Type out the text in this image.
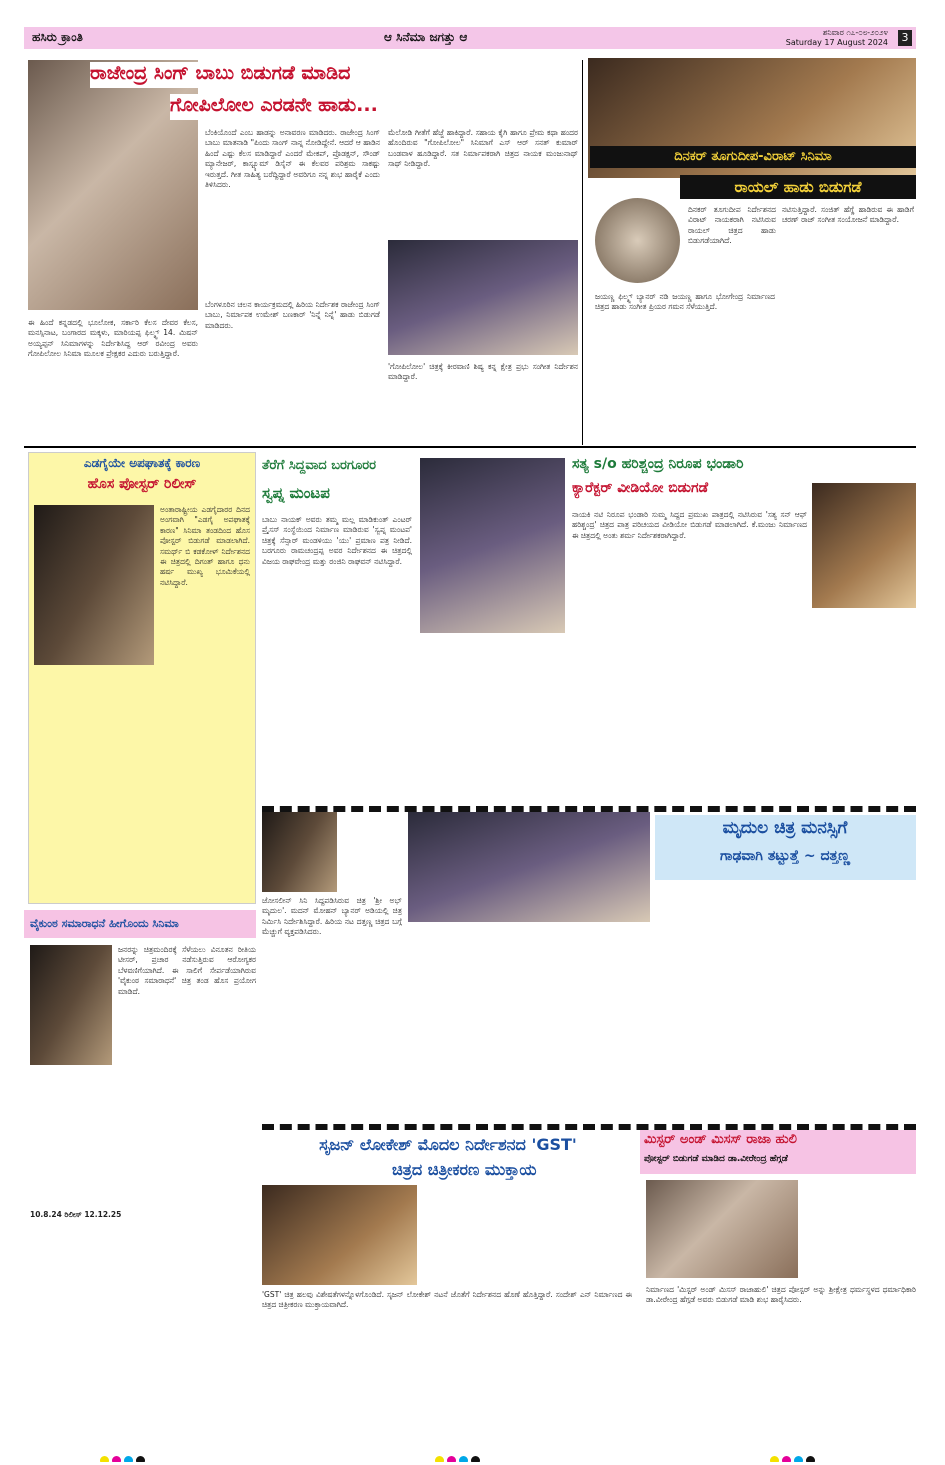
ಹಸಿರು ಕ್ರಾಂತಿ	ಆ ಸಿನೆಮಾ ಜಗತ್ತು ಆ	ಶನಿವಾರ ೧೭-೦೮-೨೦೨೪
Saturday 17 August 2024	3
ರಾಜೇಂದ್ರ ಸಿಂಗ್ ಬಾಬು ಬಿಡುಗಡೆ ಮಾಡಿದ
ಗೋಪಿಲೋಲ ಎರಡನೇ ಹಾಡು...
ಬೆಂಕಿಯೊಂದೆ ಎಂಬ ಹಾಡನ್ನು ಅನಾವರಣ ಮಾಡಿದರು. ರಾಜೇಂದ್ರ ಸಿಂಗ್ ಬಾಬು ಮಾತನಾಡಿ "ಪಿಂದು ಸಾಂಗ್ ನಾನ್ನ ನೋಡಿದ್ದೇನೆ. ಆದರೆ ಆ ಹಾಡಿನ ಹಿಂದೆ ಎಷ್ಟು ಕೆಲಸ ಮಾಡಿದ್ದಾರೆ ಎಂದರೆ ಮೇಕಪ್, ಪ್ರೊಡಕ್ಷನ್, ಸೌಂಡ್ ಮ್ಯಾನೇಜರ್, ಕಾಸ್ಟ್ಯೂಮ್ ಡಿಸೈನ್ ಈ ಕೆಲವರ ಪರಿಶ್ರಮ ಸಾಕಷ್ಟು ಇರುತ್ತದೆ. ಗೀತ ಸಾಹಿತ್ಯ ಬರೆದ್ದಿದ್ದಾರೆ ಅವರಿಗೂ ನನ್ನ ಶುಭ ಹಾರೈಕೆ ಎಂದು ತಿಳಿಸಿದರು.
ಮೆಲೋಡಿ ಗೀತೆಗೆ ಹೆಜ್ಜೆ ಹಾಕಿದ್ದಾರೆ. ಸಹಾಯ ಕೈಗಿ ಹಾಗೂ ಪ್ರೇಮ ಕಥಾ ಹಂದರ ಹೊಂದಿರುವ "ಗೋಪಿಲೋಲ" ಸಿನಿಮಾಗೆ ಎಸ್ ಆರ್ ಸನತ್ ಕುಮಾರ್ ಬಂಡವಾಳ ಹೂಡಿದ್ದಾರೆ. ಸತ ನಿರ್ಮಾಪಕರಾಗಿ ಚಿತ್ರದ ನಾಯಕ ಮಂಜುನಾಥ್ ಸಾಥ್ ನೀಡಿದ್ದಾರೆ.
ಈ ಹಿಂದೆ ಕನ್ನಡದಲ್ಲಿ ಭೂಲೋಕ, ಸರ್ಕಾರಿ ಕೆಲಸ ದೇವರ ಕೆಲಸ, ಮನಸ್ಸಿನಾಟ, ಬಂಗಾರದ ಮಕ್ಕಳು, ಮಾರಿಯಪ್ಪ ಫಿಲ್ಮ್ಸ್ 14. ಮಿಷನ್ ಅಯ್ಯಪ್ಪನ್ ಸಿನಿಮಾಗಳನ್ನು ನಿರ್ದೇಶಿಸಿದ್ದ ಆರ್ ರವೀಂದ್ರ ಅವರು ಗೋಪಿಲೋಲ ಸಿನಿಮಾ ಮೂಲಕ ಪ್ರೇಕ್ಷಕರ ಎದುರು ಬರುತ್ತಿದ್ದಾರೆ.
ಬೆಂಗಳೂರಿನ ಚಲನ ಕಾರ್ಯಕ್ರಮದಲ್ಲಿ ಹಿರಿಯ ನಿರ್ದೇಶಕ ರಾಜೇಂದ್ರ ಸಿಂಗ್ ಬಾಬು, ನಿರ್ಮಾಪಕ ಉಮೇಶ್ ಬಣಕಾರ್ 'ನಿನ್ನೆ ನಿನ್ನೆ' ಹಾಡು ಬಿಡುಗಡೆ ಮಾಡಿದರು.
'ಗೋಪಿಲೋಲ' ಚಿತ್ರಕ್ಕೆ ಕೀರವಾಣಿ ಶಿಷ್ಯ ಕನ್ನ ಕ್ಷೇತ್ರ ಪ್ರಭು ಸಂಗೀತ ನಿರ್ದೇಶನ ಮಾಡಿದ್ದಾರೆ.
ದಿನಕರ್ ತೂಗುದೀಪ-ವಿರಾಟ್ ಸಿನಿಮಾ
ರಾಯಲ್ ಹಾಡು ಬಿಡುಗಡೆ
ದಿನಕರ್ ತೂಗುದೀಪ ನಿರ್ದೇಶನದ ವಿರಾಟ್ ನಾಯಕರಾಗಿ ನಟಿಸಿರುವ ರಾಯಲ್ ಚಿತ್ರದ ಹಾಡು ಬಿಡುಗಡೆಯಾಗಿದೆ.
ಜಯಣ್ಣ ಫಿಲ್ಮ್ಸ್ ಬ್ಯಾನರ್ ನಡಿ ಜಯಣ್ಣ ಹಾಗೂ ಭೋಗೇಂದ್ರ ನಿರ್ಮಾಣದ ಚಿತ್ರದ ಹಾಡು ಸಂಗೀತ ಪ್ರಿಯರ ಗಮನ ಸೆಳೆಯುತ್ತಿದೆ.
ನಟಿಸುತ್ತಿದ್ದಾರೆ. ಸಂಜಿತ್ ಹೆಗ್ಡೆ ಹಾಡಿರುವ ಈ ಹಾಡಿಗೆ ಚರಣ್ ರಾಜ್ ಸಂಗೀತ ಸಂಯೋಜನೆ ಮಾಡಿದ್ದಾರೆ.
ಎಡಗೈಯೇ ಅಪಘಾತಕ್ಕೆ ಕಾರಣ
ಹೊಸ ಪೋಸ್ಟರ್ ರಿಲೀಸ್
ಅಂತಾರಾಷ್ಟ್ರೀಯ ಎಡಗೈದಾರರ ದಿನದ ಅಂಗವಾಗಿ "ಎಡಗೈ ಅಪಘಾತಕ್ಕೆ ಕಾರಣ" ಸಿನಿಮಾ ತಂಡದಿಂದ ಹೊಸ ಪೋಸ್ಟರ್ ಬಿಡುಗಡೆ ಮಾಡಲಾಗಿದೆ. ಸಮರ್ಥ್ ಬಿ ಕಡಕೋಳ್ ನಿರ್ದೇಶನದ ಈ ಚಿತ್ರದಲ್ಲಿ ದಿಗಂತ್ ಹಾಗೂ ಧನು ಹರ್ಷ ಮುಖ್ಯ ಭೂಮಿಕೆಯಲ್ಲಿ ನಟಿಸಿದ್ದಾರೆ.
ತೆರೆಗೆ ಸಿದ್ದವಾದ ಬರಗೂರರ
ಸ್ವಪ್ನ ಮಂಟಪ
ಬಾಬು ನಾಯಕ್ ಅವರು ತಮ್ಮ ಮಲ್ಲ ಮಾಡಿಕುಂತ್ ಎಂಟರ್ ಪ್ರೈಸಸ್ ಸಂಸ್ಥೆಯಿಂದ ನಿರ್ಮಾಣ ಮಾಡಿರುವ 'ಸ್ವಪ್ನ ಮಂಟಪ' ಚಿತ್ರಕ್ಕೆ ಸೆನ್ಸಾರ್ ಮಂಡಳಿಯು 'ಯು' ಪ್ರಮಾಣ ಪತ್ರ ನೀಡಿದೆ. ಬರಗೂರು ರಾಮಚಂದ್ರಪ್ಪ ಅವರ ನಿರ್ದೇಶನದ ಈ ಚಿತ್ರದಲ್ಲಿ ವಿಜಯ ರಾಘವೇಂದ್ರ ಮತ್ತು ರಂಜಿನಿ ರಾಘವನ್ ನಟಿಸಿದ್ದಾರೆ.
ಸತ್ಯ s/o ಹರಿಶ್ಚಂದ್ರ ನಿರೂಪ ಭಂಡಾರಿ
ಕ್ಯಾರೆಕ್ಟರ್ ವೀಡಿಯೋ ಬಿಡುಗಡೆ
ನಾಯಕಿ ನಟಿ ನಿರೂಪ ಭಂಡಾರಿ ಸುಮ್ಮ ಸಿದ್ದದ ಪ್ರಮುಖ ಪಾತ್ರದಲ್ಲಿ ನಟಿಸಿರುವ 'ಸತ್ಯ ಸನ್ ಆಫ್ ಹರಿಶ್ಚಂದ್ರ' ಚಿತ್ರದ ಪಾತ್ರ ಪರಿಚಯದ ವೀಡಿಯೋ ಬಿಡುಗಡೆ ಮಾಡಲಾಗಿದೆ. ಕೆ.ಮಂಜು ನಿರ್ಮಾಣದ ಈ ಚಿತ್ರದಲ್ಲಿ ಅಂತು ಶರ್ಮ ನಿರ್ದೇಶಕರಾಗಿದ್ದಾರೆ.
ಜೋಸಲೀನ್ ಸಿನಿ ಸಿದ್ದಪಡಿಸಿರುವ ಚಿತ್ರ 'ಶ್ರೀ ಅಭ್ ಮೃದುಲ'. ಮದನ್ ಮೋಹನ್ ಬ್ಯಾನರ್ ಅಡಿಯಲ್ಲಿ ಚಿತ್ರ ನಿರ್ಮಿಸಿ ನಿರ್ದೇಶಿಸಿದ್ದಾರೆ. ಹಿರಿಯ ನಟ ದತ್ತಣ್ಣ ಚಿತ್ರದ ಬಗ್ಗೆ ಮೆಚ್ಚುಗೆ ವ್ಯಕ್ತಪಡಿಸಿದರು.
ಮೃದುಲ ಚಿತ್ರ ಮನಸ್ಸಿಗೆ
ಗಾಢವಾಗಿ ತಟ್ಟುತ್ತೆ ~ ದತ್ತಣ್ಣ
ವೈಕುಂಠ ಸಮಾರಾಧನೆ ಹೀಗೊಂದು ಸಿನಿಮಾ
ಜನರನ್ನು ಚಿತ್ರಮಂದಿರಕ್ಕೆ ಸೆಳೆಯಲು ವಿನೂತನ ರೀತಿಯ ಟೀಸರ್, ಪ್ರಚಾರ ನಡೆಸುತ್ತಿರುವ ಆರೋಗ್ಯಕರ ಬೆಳವಣಿಗೆಯಾಗಿದೆ. ಈ ಸಾಲಿಗೆ ಸೇರ್ಪಡೆಯಾಗಿರುವ 'ವೈಕುಂಠ ಸಮಾರಾಧನೆ' ಚಿತ್ರ ತಂಡ ಹೊಸ ಪ್ರಯೋಗ ಮಾಡಿದೆ.
10.8.24 ರಿಲೀಸ್ 12.12.25
ಸೃಜನ್ ಲೋಕೇಶ್ ಮೊದಲ ನಿರ್ದೇಶನದ 'GST'
ಚಿತ್ರದ ಚಿತ್ರೀಕರಣ ಮುಕ್ತಾಯ
'GST' ಚಿತ್ರ ಹಲವು ವಿಶೇಷತೆಗಳನ್ನೊಳಗೊಂಡಿದೆ. ಸೃಜನ್ ಲೋಕೇಶ್ ನಟನೆ ಜೊತೆಗೆ ನಿರ್ದೇಶನದ ಹೊಣೆ ಹೊತ್ತಿದ್ದಾರೆ. ಸಂದೇಶ್ ಎನ್ ನಿರ್ಮಾಣದ ಈ ಚಿತ್ರದ ಚಿತ್ರೀಕರಣ ಮುಕ್ತಾಯವಾಗಿದೆ.
ಮಿಸ್ಟರ್ ಅಂಡ್ ಮಿಸಸ್ ರಾಜಾ ಹುಲಿ
ಪೋಸ್ಟರ್ ಬಿಡುಗಡೆ ಮಾಡಿದ ಡಾ.ವೀರೇಂದ್ರ ಹೆಗ್ಗಡೆ
ನಿರ್ಮಾಣದ 'ಮಿಸ್ಟರ್ ಅಂಡ್ ಮಿಸಸ್ ರಾಜಾಹುಲಿ' ಚಿತ್ರದ ಪೋಸ್ಟರ್ ಅನ್ನು ಶ್ರೀಕ್ಷೇತ್ರ ಧರ್ಮಸ್ಥಳದ ಧರ್ಮಾಧಿಕಾರಿ ಡಾ.ವೀರೇಂದ್ರ ಹೆಗ್ಗಡೆ ಅವರು ಬಿಡುಗಡೆ ಮಾಡಿ ಶುಭ ಹಾರೈಸಿದರು.
